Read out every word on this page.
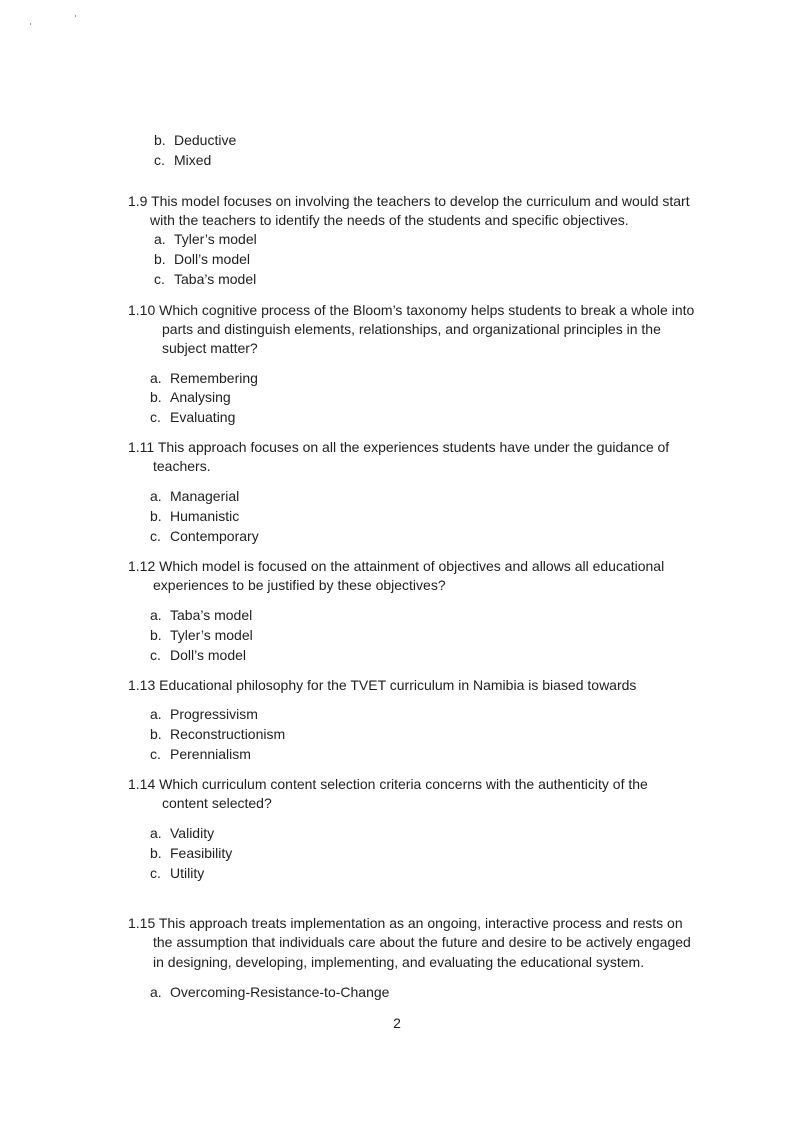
b. Deductive
c. Mixed
1.9 This model focuses on involving the teachers to develop the curriculum and would start
with the teachers to identify the needs of the students and specific objectives.
a. Tyler’s model
b. Doll’s model
c. Taba’s model
1.10 Which cognitive process of the Bloom’s taxonomy helps students to break a whole into
parts and distinguish elements, relationships, and organizational principles in the
subject matter?
a. Remembering
b. Analysing
c. Evaluating
1.11 This approach focuses on all the experiences students have under the guidance of
teachers.
a. Managerial
b. Humanistic
c. Contemporary
1.12 Which model is focused on the attainment of objectives and allows all educational
experiences to be justified by these objectives?
a. Taba’s model
b. Tyler’s model
c. Doll’s model
1.13 Educational philosophy for the TVET curriculum in Namibia is biased towards
a. Progressivism
b. Reconstructionism
c. Perennialism
1.14 Which curriculum content selection criteria concerns with the authenticity of the
content selected?
a. Validity
b. Feasibility
c. Utility
1.15 This approach treats implementation as an ongoing, interactive process and rests on
the assumption that individuals care about the future and desire to be actively engaged
in designing, developing, implementing, and evaluating the educational system.
a. Overcoming-Resistance-to-Change
2
